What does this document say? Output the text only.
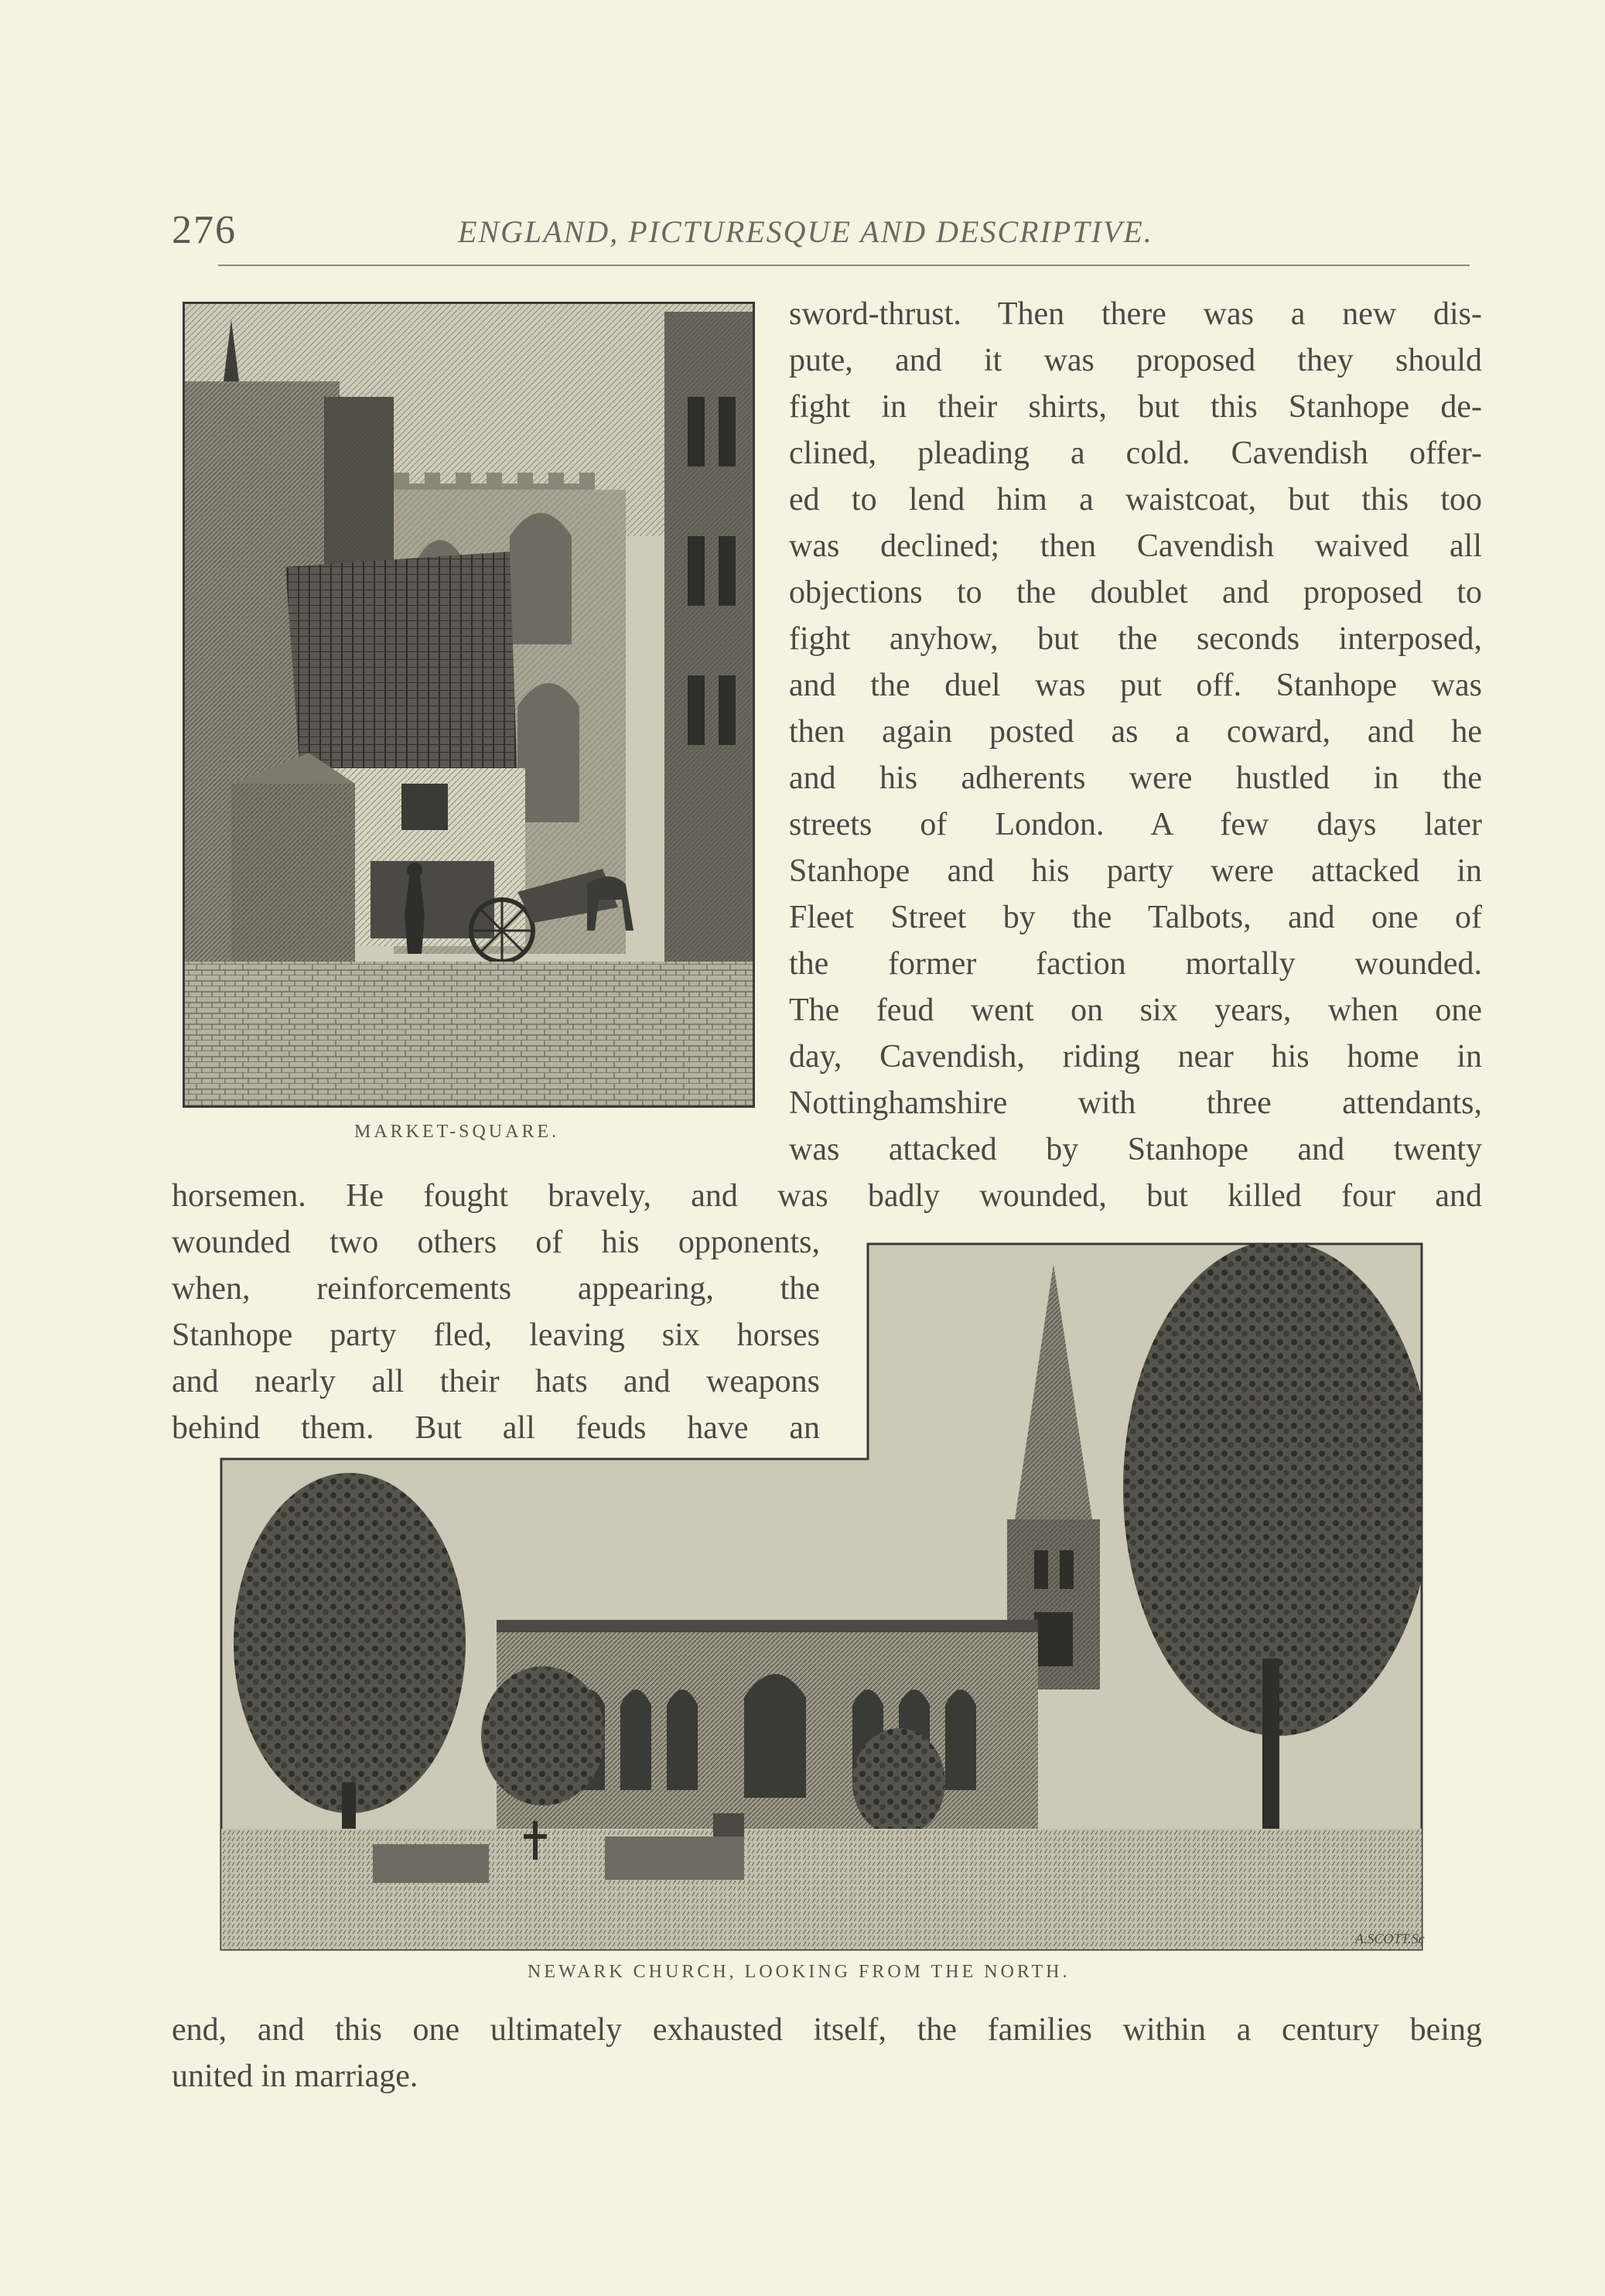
276	ENGLAND, PICTURESQUE AND DESCRIPTIVE.
MARKET-SQUARE.
sword-thrust. Then there was a new dis-
pute, and it was proposed they should
fight in their shirts, but this Stanhope de-
clined, pleading a cold. Cavendish offer-
ed to lend him a waistcoat, but this too
was declined; then Cavendish waived all
objections to the doublet and proposed to
fight anyhow, but the seconds interposed,
and the duel was put off. Stanhope was
then again posted as a coward, and he
and his adherents were hustled in the
streets of London. A few days later
Stanhope and his party were attacked in
Fleet Street by the Talbots, and one of
the former faction mortally wounded.
The feud went on six years, when one
day, Cavendish, riding near his home in
Nottinghamshire with three attendants,
was attacked by Stanhope and twenty
horsemen. He fought bravely, and was badly wounded, but killed four and
wounded two others of his opponents,
when, reinforcements appearing, the
Stanhope party fled, leaving six horses
and nearly all their hats and weapons
behind them. But all feuds have an
A.SCOTT.Sc
NEWARK CHURCH, LOOKING FROM THE NORTH.
end, and this one ultimately exhausted itself, the families within a century being
united in marriage.
